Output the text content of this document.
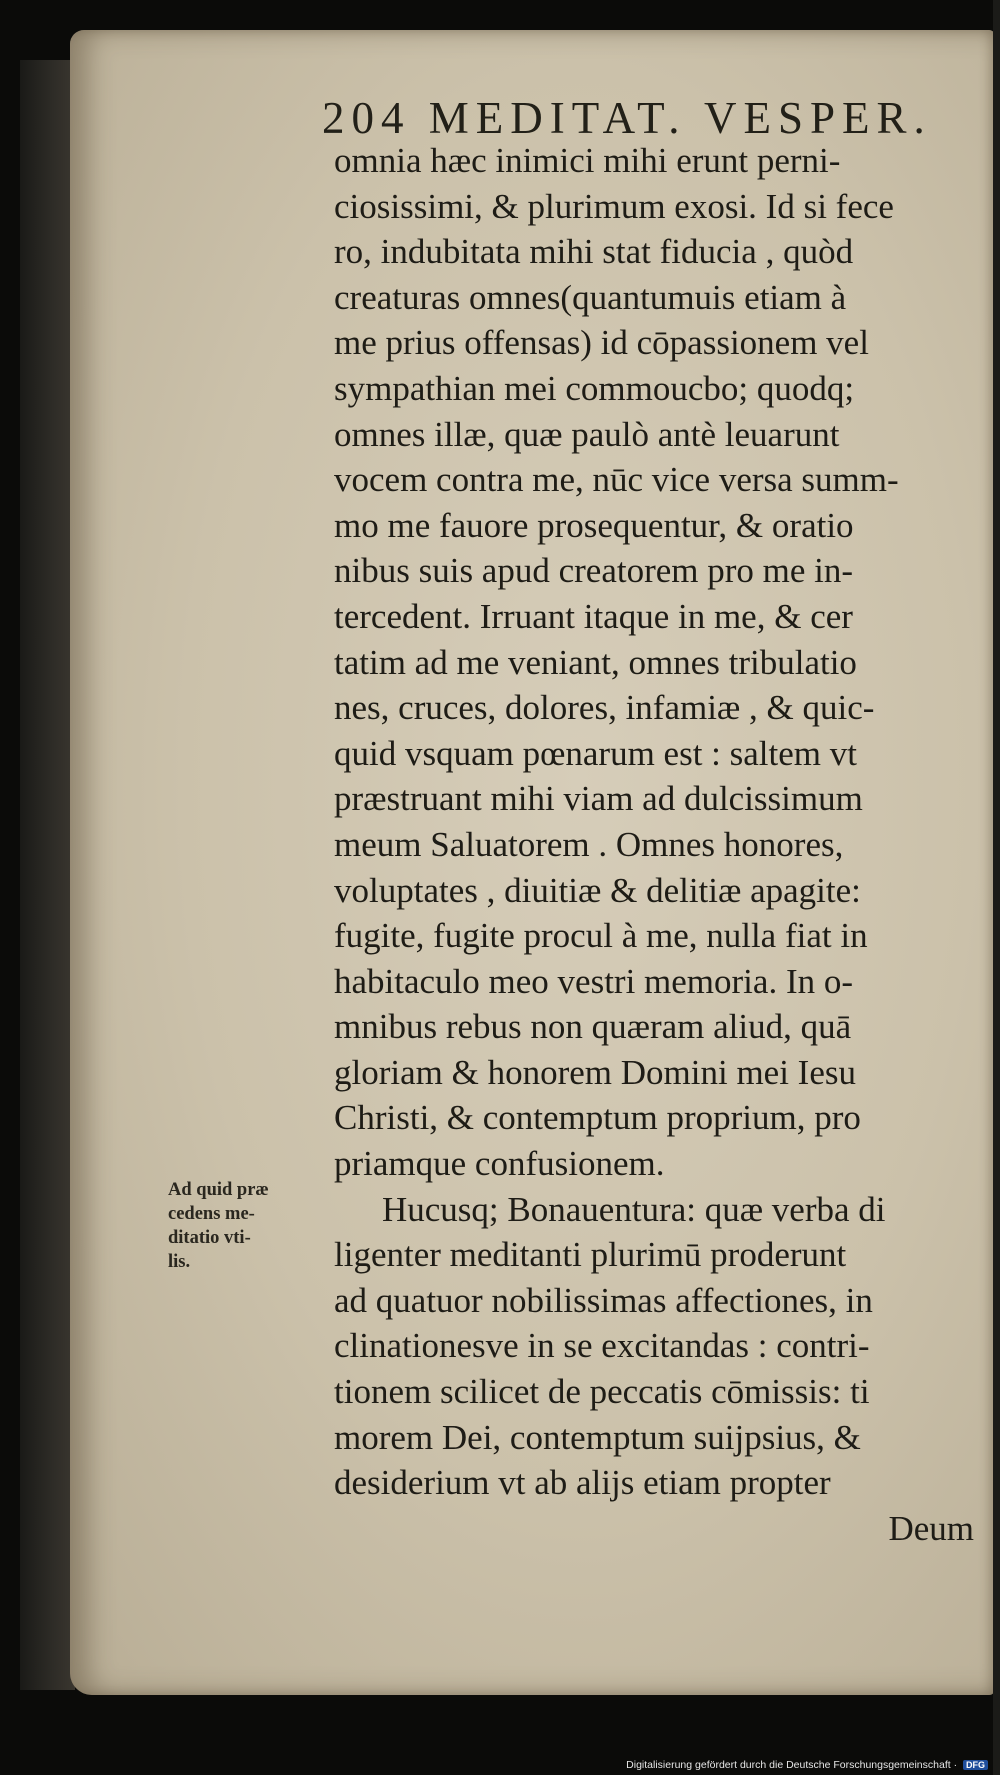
204 MEDITAT. VESPER.
Ad quid præ
cedens me-
ditatio vti-
lis.
omnia hæc inimici mihi erunt perni-
ciosissimi, & plurimum exosi. Id si fece
ro, indubitata mihi stat fiducia , quòd
creaturas omnes(quantumuis etiam à
me prius offensas) id cōpassionem vel
sympathian mei commoucbo; quodq;
omnes illæ, quæ paulò antè leuarunt
vocem contra me, nūc vice versa summ-
mo me fauore prosequentur, & oratio
nibus suis apud creatorem pro me in-
tercedent. Irruant itaque in me, & cer
tatim ad me veniant, omnes tribulatio
nes, cruces, dolores, infamiæ , & quic-
quid vsquam pœnarum est : saltem vt
præstruant mihi viam ad dulcissimum
meum Saluatorem . Omnes honores,
voluptates , diuitiæ & delitiæ apagite:
fugite, fugite procul à me, nulla fiat in
habitaculo meo vestri memoria. In o-
mnibus rebus non quæram aliud, quā
gloriam & honorem Domini mei Iesu
Christi, & contemptum proprium, pro
priamque confusionem.
Hucusq; Bonauentura: quæ verba di
ligenter meditanti plurimū proderunt
ad quatuor nobilissimas affectiones, in
clinationesve in se excitandas : contri-
tionem scilicet de peccatis cōmissis: ti
morem Dei, contemptum suijpsius, &
desiderium vt ab alijs etiam propter
Deum
Digitalisierung gefördert durch die Deutsche Forschungsgemeinschaft · DFG
